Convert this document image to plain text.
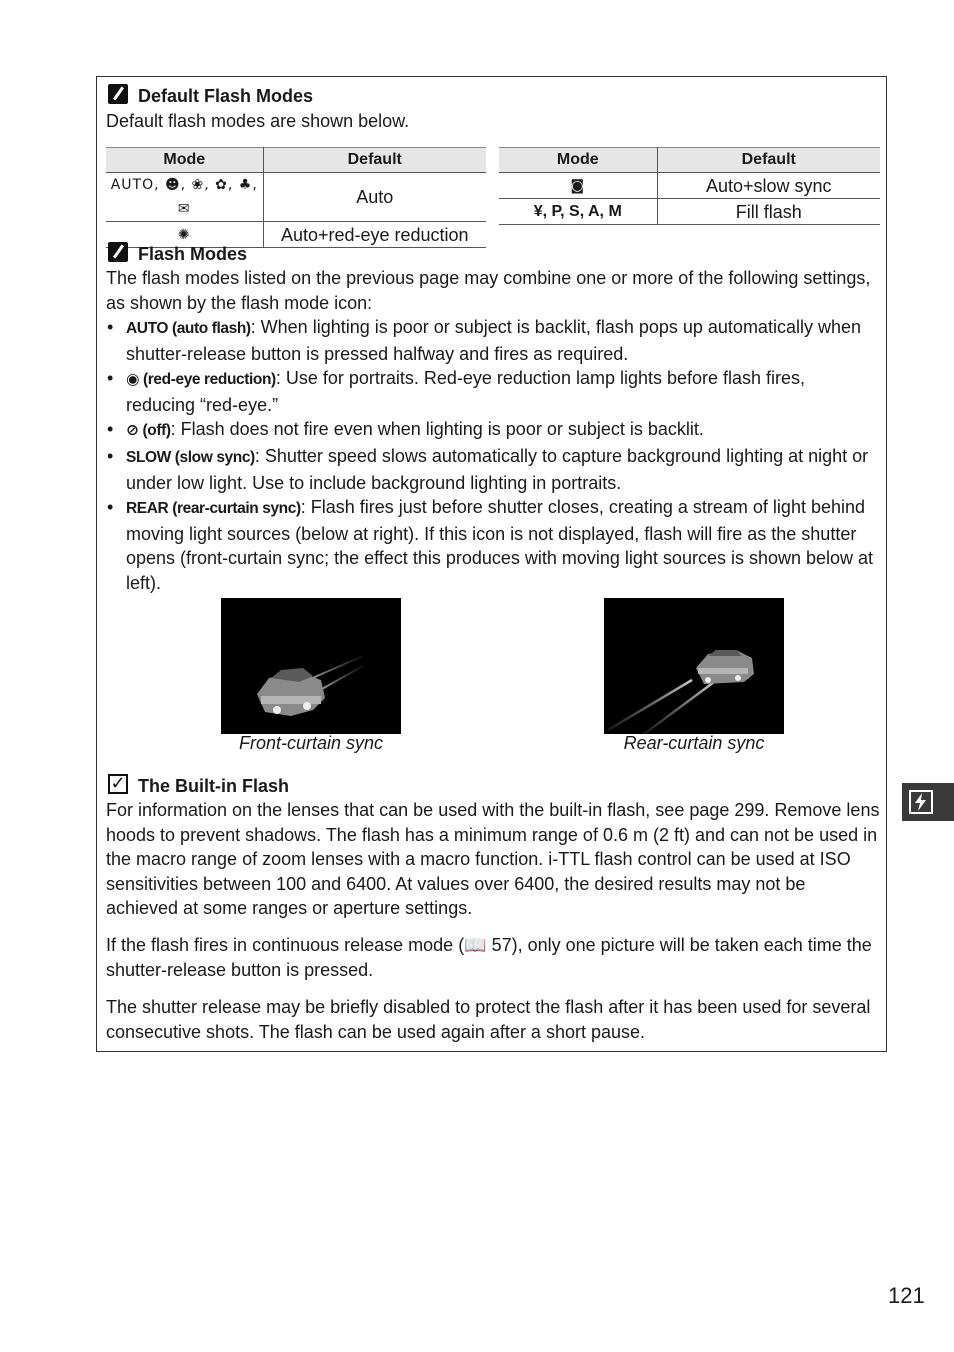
Default Flash Modes
Default flash modes are shown below.
Mode	Default
AUTO, ☻, ❀, ✿, ♣, ✉	Auto
✺	Auto+red-eye reduction
Mode	Default
◙	Auto+slow sync
¥, P, S, A, M	Fill flash
Flash Modes
The flash modes listed on the previous page may combine one or more of the following settings, as shown by the flash mode icon:
• AUTO (auto flash): When lighting is poor or subject is backlit, flash pops up automatically when shutter-release button is pressed halfway and fires as required.
• ◉ (red-eye reduction): Use for portraits. Red-eye reduction lamp lights before flash fires, reducing “red-eye.”
• ⊘ (off): Flash does not fire even when lighting is poor or subject is backlit.
• SLOW (slow sync): Shutter speed slows automatically to capture background lighting at night or under low light. Use to include background lighting in portraits.
• REAR (rear-curtain sync): Flash fires just before shutter closes, creating a stream of light behind moving light sources (below at right). If this icon is not displayed, flash will fire as the shutter opens (front-curtain sync; the effect this produces with moving light sources is shown below at left).
Front-curtain sync	Rear-curtain sync
✓ The Built-in Flash
For information on the lenses that can be used with the built-in flash, see page 299. Remove lens hoods to prevent shadows. The flash has a minimum range of 0.6 m (2 ft) and can not be used in the macro range of zoom lenses with a macro function. i-TTL flash control can be used at ISO sensitivities between 100 and 6400. At values over 6400, the desired results may not be achieved at some ranges or aperture settings.
If the flash fires in continuous release mode (📖 57), only one picture will be taken each time the shutter-release button is pressed.
The shutter release may be briefly disabled to protect the flash after it has been used for several consecutive shots. The flash can be used again after a short pause.
121
